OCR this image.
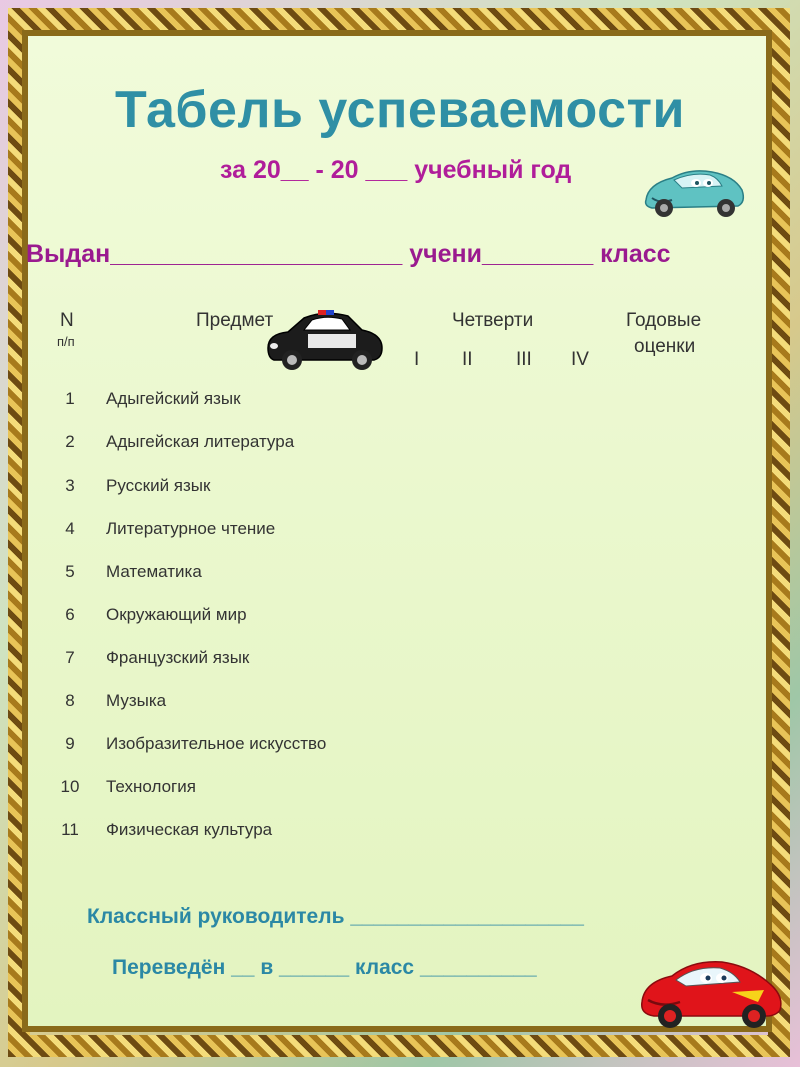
Табель успеваемости
за 20__ - 20 ___ учебный год
Выдан_____________________ учени________ класс
N
п/п
Предмет	Четверти
I II III IV
Годовые
оценки
1	Адыгейский язык
2	Адыгейская литература
3	Русский язык
4	Литературное чтение
5	Математика
6	Окружающий мир
7	Французский язык
8	Музыка
9	Изобразительное искусство
10	Технология
11	Физическая культура
Классный руководитель ____________________
Переведён __ в ______ класс __________
